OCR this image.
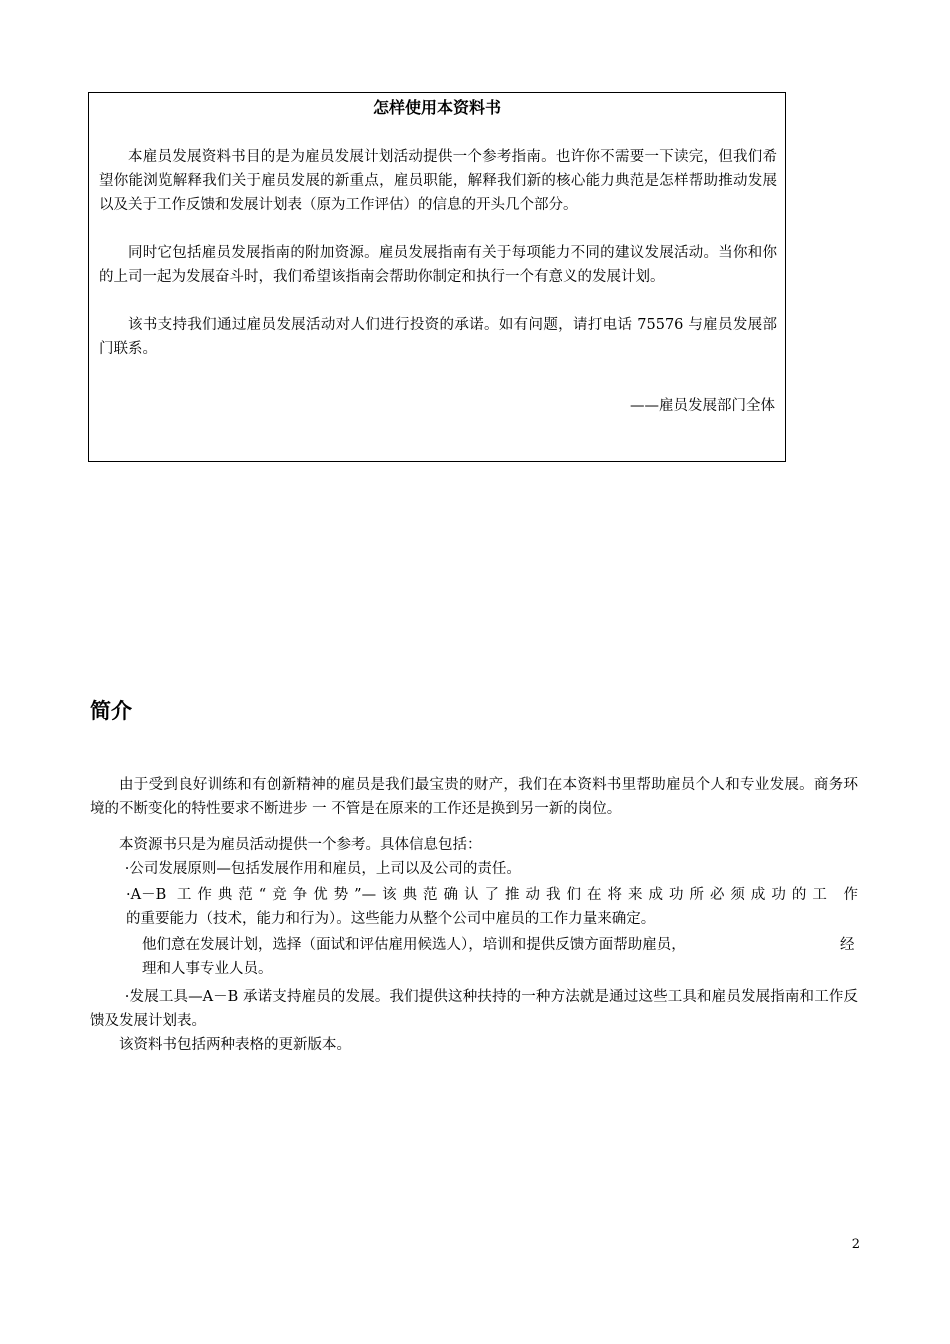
怎样使用本资料书

本雇员发展资料书目的是为雇员发展计划活动提供一个参考指南。也许你不需要一下读完，但我们希望你能浏览解释我们关于雇员发展的新重点，雇员职能，解释我们新的核心能力典范是怎样帮助推动发展以及关于工作反馈和发展计划表（原为工作评估）的信息的开头几个部分。

同时它包括雇员发展指南的附加资源。雇员发展指南有关于每项能力不同的建议发展活动。当你和你的上司一起为发展奋斗时，我们希望该指南会帮助你制定和执行一个有意义的发展计划。

该书支持我们通过雇员发展活动对人们进行投资的承诺。如有问题，请打电话 75576 与雇员发展部门联系。

——雇员发展部门全体
简介

由于受到良好训练和有创新精神的雇员是我们最宝贵的财产，我们在本资料书里帮助雇员个人和专业发展。商务环境的不断变化的特性要求不断进步 一 不管是在原来的工作还是换到另一新的岗位。

本资源书只是为雇员活动提供一个参考。具体信息包括：

·公司发展原则—包括发展作用和雇员，上司以及公司的责任。

·A－B 工作典范“竞争优势”—该典范确认了推动我们在将来成功所必须成功的工 作

的重要能力（技术，能力和行为）。这些能力从整个公司中雇员的工作力量来确定。

他们意在发展计划，选择（面试和评估雇用候选人），培训和提供反馈方面帮助雇员，	经

理和人事专业人员。

·发展工具—A－B 承诺支持雇员的发展。我们提供这种扶持的一种方法就是通过这些工具和雇员发展指南和工作反馈及发展计划表。

该资料书包括两种表格的更新版本。

2
